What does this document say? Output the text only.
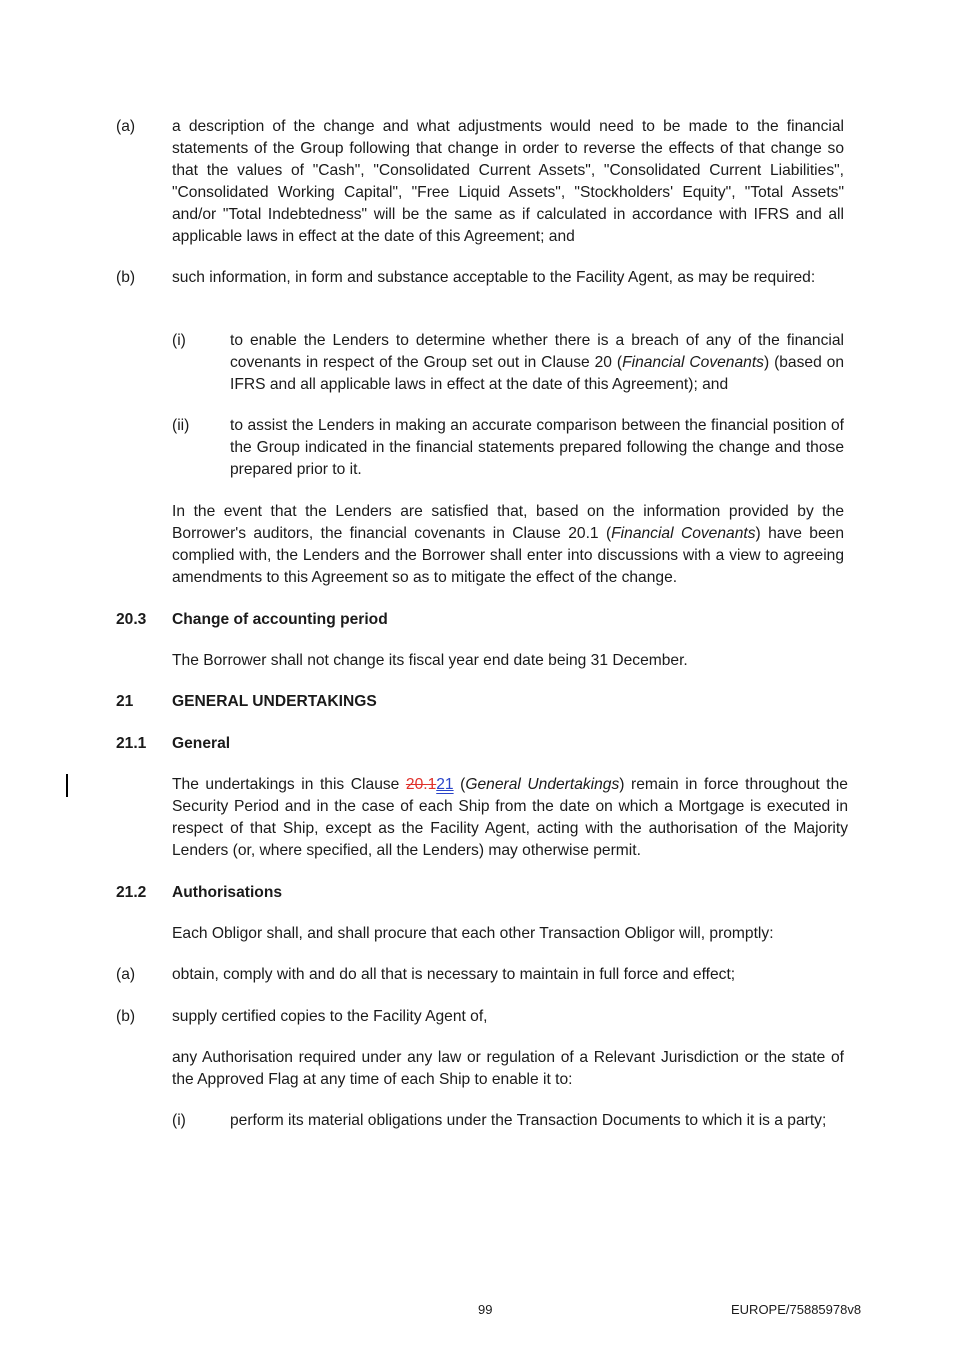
(a) a description of the change and what adjustments would need to be made to the financial statements of the Group following that change in order to reverse the effects of that change so that the values of "Cash", "Consolidated Current Assets", "Consolidated Current Liabilities", "Consolidated Working Capital", "Free Liquid Assets", "Stockholders' Equity", "Total Assets" and/or "Total Indebtedness" will be the same as if calculated in accordance with IFRS and all applicable laws in effect at the date of this Agreement; and
(b) such information, in form and substance acceptable to the Facility Agent, as may be required:
(i)	to enable the Lenders to determine whether there is a breach of any of the financial covenants in respect of the Group set out in Clause 20 (Financial Covenants) (based on IFRS and all applicable laws in effect at the date of this Agreement); and
(ii)	to assist the Lenders in making an accurate comparison between the financial position of the Group indicated in the financial statements prepared following the change and those prepared prior to it.
In the event that the Lenders are satisfied that, based on the information provided by the Borrower's auditors, the financial covenants in Clause 20.1 (Financial Covenants) have been complied with, the Lenders and the Borrower shall enter into discussions with a view to agreeing amendments to this Agreement so as to mitigate the effect of the change.
20.3 Change of accounting period
The Borrower shall not change its fiscal year end date being 31 December.
21 GENERAL UNDERTAKINGS
21.1 General
The undertakings in this Clause 20.121 (General Undertakings) remain in force throughout the Security Period and in the case of each Ship from the date on which a Mortgage is executed in respect of that Ship, except as the Facility Agent, acting with the authorisation of the Majority Lenders (or, where specified, all the Lenders) may otherwise permit.
21.2 Authorisations
Each Obligor shall, and shall procure that each other Transaction Obligor will, promptly:
(a) obtain, comply with and do all that is necessary to maintain in full force and effect;
(b) supply certified copies to the Facility Agent of,
any Authorisation required under any law or regulation of a Relevant Jurisdiction or the state of the Approved Flag at any time of each Ship to enable it to:
(i)	perform its material obligations under the Transaction Documents to which it is a party;
99	EUROPE/75885978v8
